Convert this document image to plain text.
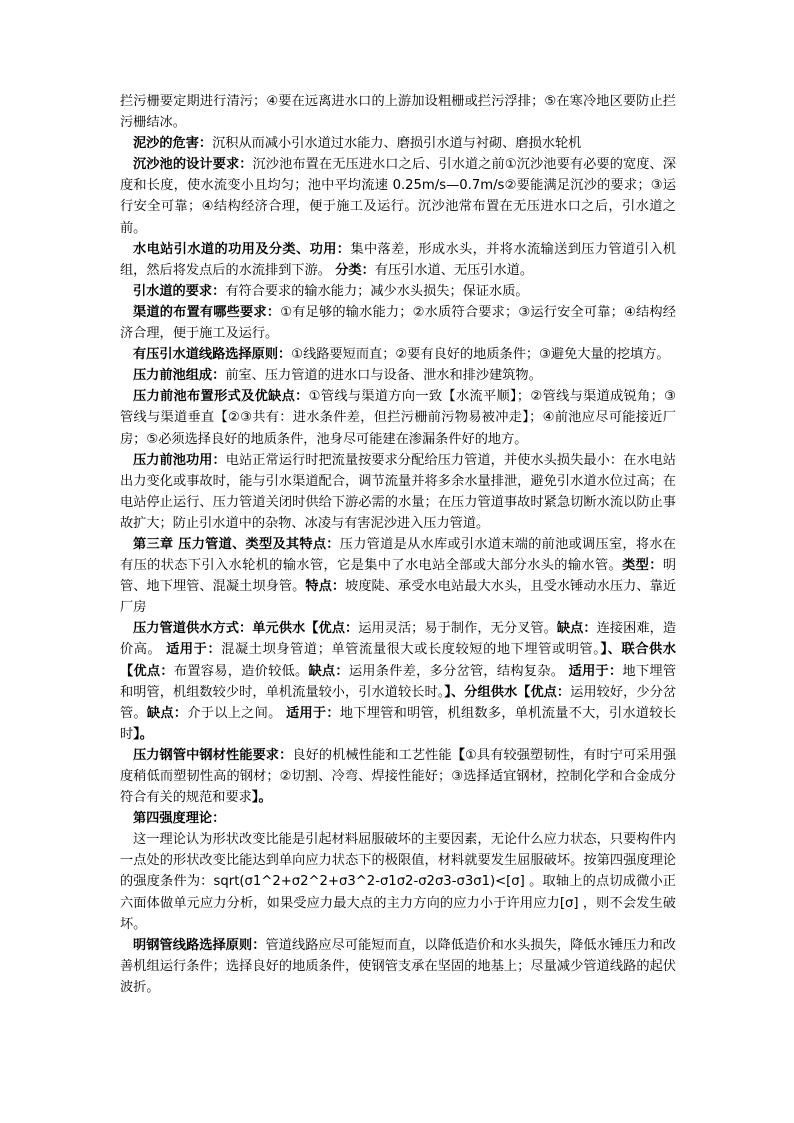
拦污栅要定期进行清污；④要在远离进水口的上游加设粗栅或拦污浮排；⑤在寒冷地区要防止拦污栅结冰。

泥沙的危害：沉积从而减小引水道过水能力、磨损引水道与衬砌、磨损水轮机

沉沙池的设计要求：沉沙池布置在无压进水口之后、引水道之前①沉沙池要有必要的宽度、深度和长度，使水流变小且均匀；池中平均流速 0.25m/s—0.7m/s②要能满足沉沙的要求；③运行安全可靠；④结构经济合理，便于施工及运行。沉沙池常布置在无压进水口之后，引水道之前。

水电站引水道的功用及分类、功用：集中落差，形成水头，并将水流输送到压力管道引入机组，然后将发点后的水流排到下游。 分类：有压引水道、无压引水道。

引水道的要求：有符合要求的输水能力；减少水头损失；保证水质。

渠道的布置有哪些要求：①有足够的输水能力；②水质符合要求；③运行安全可靠；④结构经济合理，便于施工及运行。

有压引水道线路选择原则：①线路要短而直；②要有良好的地质条件；③避免大量的挖填方。

压力前池组成：前室、压力管道的进水口与设备、泄水和排沙建筑物。

压力前池布置形式及优缺点：①管线与渠道方向一致【水流平顺】；②管线与渠道成锐角；③管线与渠道垂直【②③共有：进水条件差，但拦污栅前污物易被冲走】；④前池应尽可能接近厂房；⑤必须选择良好的地质条件，池身尽可能建在渗漏条件好的地方。

压力前池功用：电站正常运行时把流量按要求分配给压力管道，并使水头损失最小：在水电站出力变化或事故时，能与引水渠道配合，调节流量并将多余水量排泄，避免引水道水位过高；在电站停止运行、压力管道关闭时供给下游必需的水量；在压力管道事故时紧急切断水流以防止事故扩大；防止引水道中的杂物、冰凌与有害泥沙进入压力管道。

第三章 压力管道、类型及其特点：压力管道是从水库或引水道末端的前池或调压室，将水在有压的状态下引入水轮机的输水管，它是集中了水电站全部或大部分水头的输水管。类型：明管、地下埋管、混凝土坝身管。特点：坡度陡、承受水电站最大水头，且受水锤动水压力、靠近厂房

压力管道供水方式：单元供水【优点：运用灵活；易于制作，无分叉管。缺点：连接困难，造价高。 适用于：混凝土坝身管道；单管流量很大或长度较短的地下埋管或明管。】、联合供水【优点：布置容易，造价较低。缺点：运用条件差，多分岔管，结构复杂。 适用于：地下埋管和明管，机组数较少时，单机流量较小，引水道较长时。】、分组供水【优点：运用较好，少分岔管。缺点：介于以上之间。 适用于：地下埋管和明管，机组数多，单机流量不大，引水道较长时】。

压力钢管中钢材性能要求：良好的机械性能和工艺性能【①具有较强塑韧性，有时宁可采用强度稍低而塑韧性高的钢材；②切割、冷弯、焊接性能好；③选择适宜钢材，控制化学和合金成分符合有关的规范和要求】。

第四强度理论：

这一理论认为形状改变比能是引起材料屈服破坏的主要因素，无论什么应力状态，只要构件内一点处的形状改变比能达到单向应力状态下的极限值，材料就要发生屈服破坏。按第四强度理论的强度条件为：sqrt(σ1^2+σ2^2+σ3^2-σ1σ2-σ2σ3-σ3σ1)<[σ] 。取轴上的点切成微小正六面体做单元应力分析，如果受应力最大点的主力方向的应力小于许用应力[σ] ，则不会发生破坏。

明钢管线路选择原则：管道线路应尽可能短而直，以降低造价和水头损失，降低水锤压力和改善机组运行条件；选择良好的地质条件，使钢管支承在坚固的地基上；尽量减少管道线路的起伏波折。
